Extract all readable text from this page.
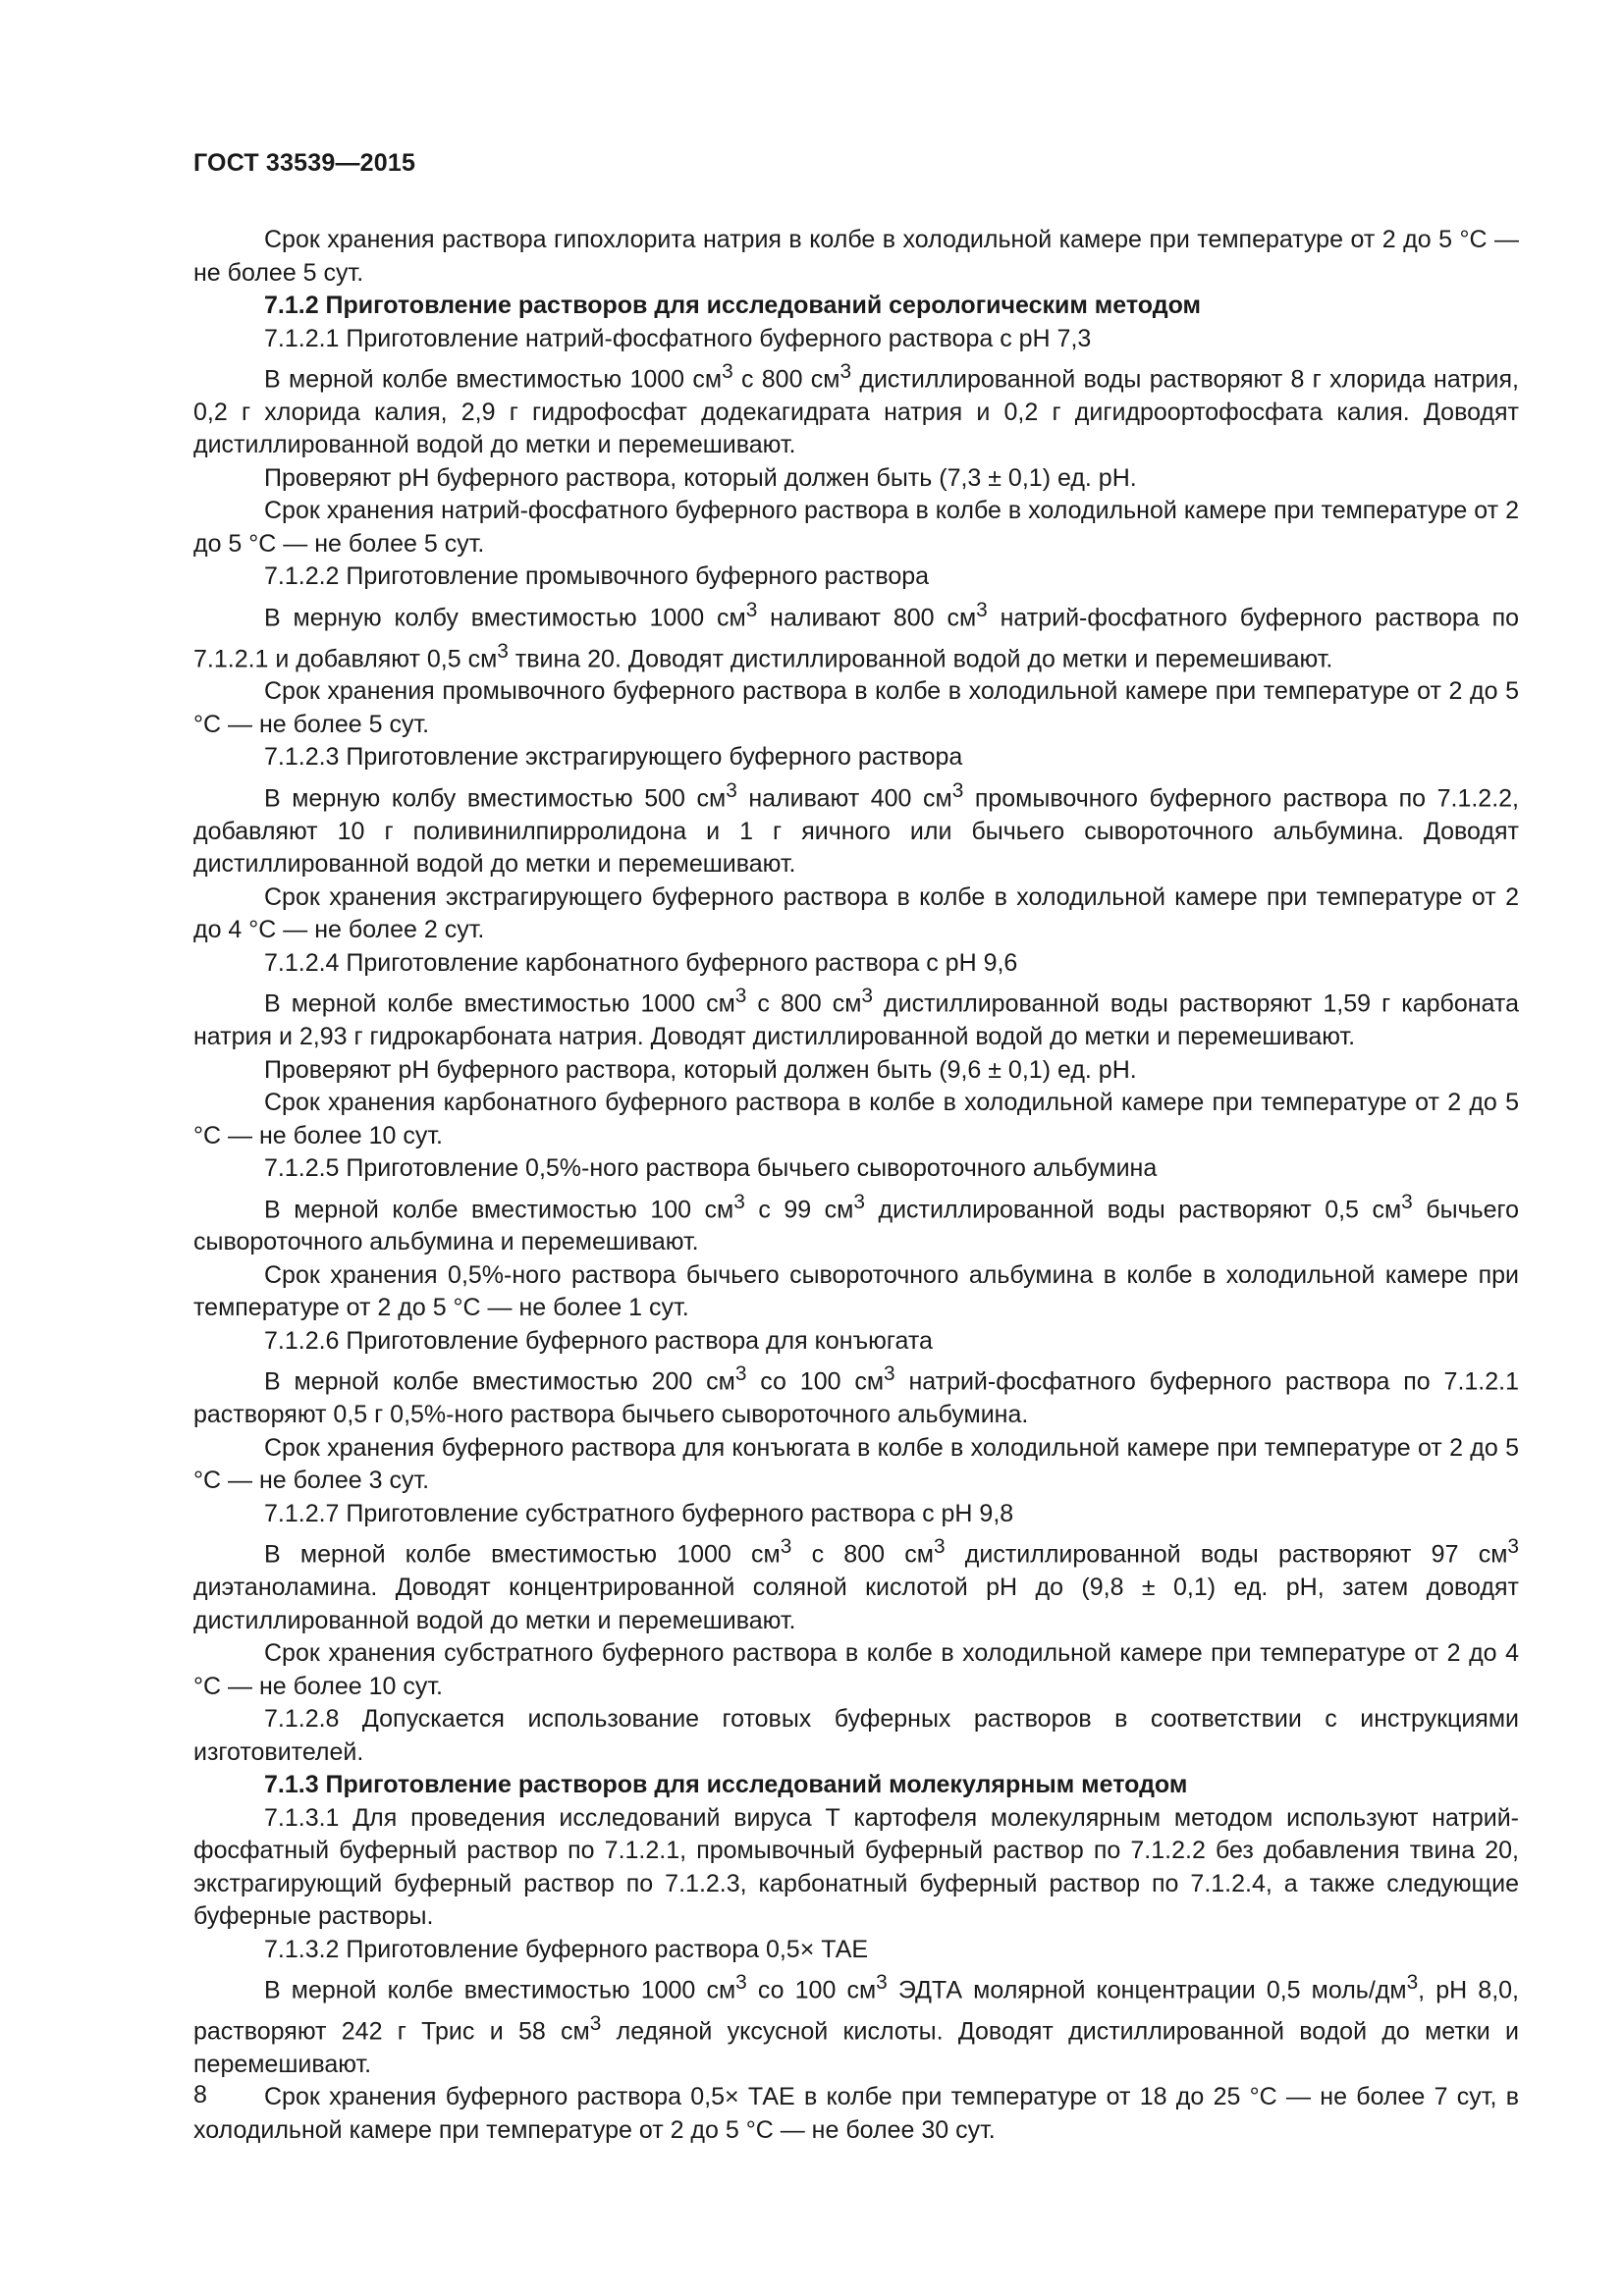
ГОСТ 33539—2015

Срок хранения раствора гипохлорита натрия в колбе в холодильной камере при температуре от 2 до 5 °С — не более 5 сут.

7.1.2 Приготовление растворов для исследований серологическим методом

7.1.2.1 Приготовление натрий-фосфатного буферного раствора с pH 7,3

В мерной колбе вместимостью 1000 $см^3$ с 800 $см^3$ дистиллированной воды растворяют 8 г хлорида натрия, 0,2 г хлорида калия, 2,9 г гидрофосфат додекагидрата натрия и 0,2 г дигидроортофосфата калия. Доводят дистиллированной водой до метки и перемешивают.

Проверяют pH буферного раствора, который должен быть (7,3 ± 0,1) ед. pH.

Срок хранения натрий-фосфатного буферного раствора в колбе в холодильной камере при температуре от 2 до 5 °С — не более 5 сут.

7.1.2.2 Приготовление промывочного буферного раствора

В мерную колбу вместимостью 1000 $см^3$ наливают 800 $см^3$ натрий-фосфатного буферного раствора по 7.1.2.1 и добавляют 0,5 $см^3$ твина 20. Доводят дистиллированной водой до метки и перемешивают.

Срок хранения промывочного буферного раствора в колбе в холодильной камере при температуре от 2 до 5 °С — не более 5 сут.

7.1.2.3 Приготовление экстрагирующего буферного раствора

В мерную колбу вместимостью 500 $см^3$ наливают 400 $см^3$ промывочного буферного раствора по 7.1.2.2, добавляют 10 г поливинилпирролидона и 1 г яичного или бычьего сывороточного альбумина. Доводят дистиллированной водой до метки и перемешивают.

Срок хранения экстрагирующего буферного раствора в колбе в холодильной камере при температуре от 2 до 4 °С — не более 2 сут.

7.1.2.4 Приготовление карбонатного буферного раствора с pH 9,6

В мерной колбе вместимостью 1000 $см^3$ с 800 $см^3$ дистиллированной воды растворяют 1,59 г карбоната натрия и 2,93 г гидрокарбоната натрия. Доводят дистиллированной водой до метки и перемешивают.

Проверяют pH буферного раствора, который должен быть (9,6 ± 0,1) ед. pH.

Срок хранения карбонатного буферного раствора в колбе в холодильной камере при температуре от 2 до 5 °С — не более 10 сут.

7.1.2.5 Приготовление 0,5%-ного раствора бычьего сывороточного альбумина

В мерной колбе вместимостью 100 $см^3$ с 99 $см^3$ дистиллированной воды растворяют 0,5 $см^3$ бычьего сывороточного альбумина и перемешивают.

Срок хранения 0,5%-ного раствора бычьего сывороточного альбумина в колбе в холодильной камере при температуре от 2 до 5 °С — не более 1 сут.

7.1.2.6 Приготовление буферного раствора для конъюгата

В мерной колбе вместимостью 200 $см^3$ со 100 $см^3$ натрий-фосфатного буферного раствора по 7.1.2.1 растворяют 0,5 г 0,5%-ного раствора бычьего сывороточного альбумина.

Срок хранения буферного раствора для конъюгата в колбе в холодильной камере при температуре от 2 до 5 °С — не более 3 сут.

7.1.2.7 Приготовление субстратного буферного раствора с pH 9,8

В мерной колбе вместимостью 1000 $см^3$ с 800 $см^3$ дистиллированной воды растворяют 97 $см^3$ диэтаноламина. Доводят концентрированной соляной кислотой pH до (9,8 ± 0,1) ед. pH, затем доводят дистиллированной водой до метки и перемешивают.

Срок хранения субстратного буферного раствора в колбе в холодильной камере при температуре от 2 до 4 °С — не более 10 сут.

7.1.2.8 Допускается использование готовых буферных растворов в соответствии с инструкциями изготовителей.

7.1.3 Приготовление растворов для исследований молекулярным методом

7.1.3.1 Для проведения исследований вируса Т картофеля молекулярным методом используют натрий-фосфатный буферный раствор по 7.1.2.1, промывочный буферный раствор по 7.1.2.2 без добавления твина 20, экстрагирующий буферный раствор по 7.1.2.3, карбонатный буферный раствор по 7.1.2.4, а также следующие буферные растворы.

7.1.3.2 Приготовление буферного раствора 0,5× ТАЕ

В мерной колбе вместимостью 1000 $см^3$ со 100 $см^3$ ЭДТА молярной концентрации 0,5 моль/$дм^3$, pH 8,0, растворяют 242 г Трис и 58 $см^3$ ледяной уксусной кислоты. Доводят дистиллированной водой до метки и перемешивают.

Срок хранения буферного раствора 0,5× ТАЕ в колбе при температуре от 18 до 25 °С — не более 7 сут, в холодильной камере при температуре от 2 до 5 °С — не более 30 сут.

8
